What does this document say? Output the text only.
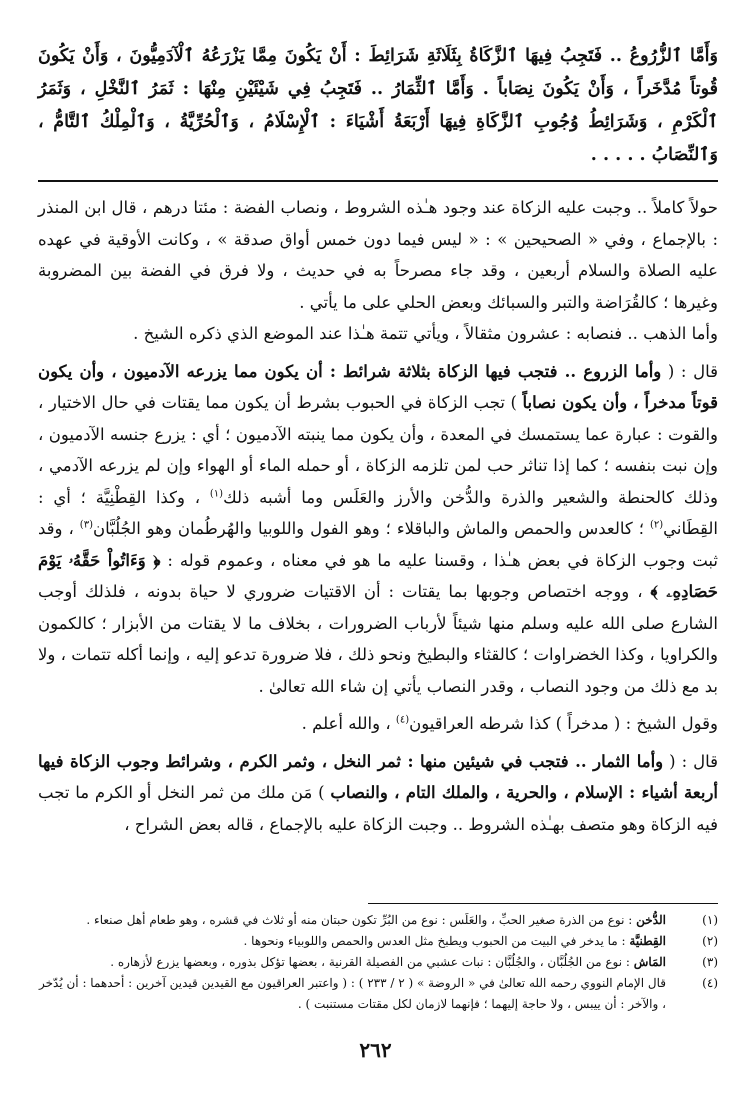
وَأَمَّا ٱلزُّرُوعُ .. فَتَجِبُ فِيهَا ٱلزَّكَاةُ بِثَلَاثَةِ شَرَائِطَ : أَنْ يَكُونَ مِمَّا يَزْرَعُهُ ٱلْآدَمِيُّونَ ، وَأَنْ يَكُونَ قُوتاً مُدَّخَراً ، وَأَنْ يَكُونَ نِصَاباً . وَأَمَّا ٱلثِّمَارُ .. فَتَجِبُ فِي شَيْئَيْنِ مِنْهَا : ثَمَرُ ٱلنَّخْلِ ، وَثَمَرُ ٱلْكَرْمِ ، وَشَرَائِطُ وُجُوبِ ٱلزَّكَاةِ فِيهَا أَرْبَعَةُ أَشْيَاءَ : ٱلْإِسْلَامُ ، وَٱلْحُرِّيَّةُ ، وَٱلْمِلْكُ ٱلتَّامُّ ، وَٱلنِّصَابُ . . . . .

حولاً كاملاً .. وجبت عليه الزكاة عند وجود هـٰذه الشروط ، ونصاب الفضة : مئتا درهم ، قال ابن المنذر : بالإجماع ، وفي « الصحيحين » : « ليس فيما دون خمس أواق صدقة » ، وكانت الأوقية في عهده عليه الصلاة والسلام أربعين ، وقد جاء مصرحاً به في حديث ، ولا فرق في الفضة بين المضروبة وغيرها ؛ كالقُرَاضة والتبر والسبائك وبعض الحلي على ما يأتي .

وأما الذهب .. فنصابه : عشرون مثقالاً ، ويأتي تتمة هـٰذا عند الموضع الذي ذكره الشيخ .

قال : ( وأما الزروع .. فتجب فيها الزكاة بثلاثة شرائط : أن يكون مما يزرعه الآدميون ، وأن يكون قوتاً مدخراً ، وأن يكون نصاباً ) تجب الزكاة في الحبوب بشرط أن يكون مما يقتات في حال الاختيار ، والقوت : عبارة عما يستمسك في المعدة ، وأن يكون مما ينبته الآدميون ؛ أي : يزرع جنسه الآدميون ، وإن نبت بنفسه ؛ كما إذا تناثر حب لمن تلزمه الزكاة ، أو حمله الماء أو الهواء وإن لم يزرعه الآدمي ، وذلك كالحنطة والشعير والذرة والدُّخن والأرز والعَلَس وما أشبه ذلك$^{(١)}$ ، وكذا القِطْنِيَّة ؛ أي : القِطَاني$^{(٢)}$ ؛ كالعدس والحمص والماش والباقلاء ؛ وهو الفول واللوبيا والهُرطُمان وهو الجُلُبَّان$^{(٣)}$ ، وقد ثبت وجوب الزكاة في بعض هـٰذا ، وقسنا عليه ما هو في معناه ، وعموم قوله : ﴿ وَءَاتُواْ حَقَّهُۥ يَوْمَ حَصَادِهِۦ ﴾ ، ووجه اختصاص وجوبها بما يقتات : أن الاقتيات ضروري لا حياة بدونه ، فلذلك أوجب الشارع صلى الله عليه وسلم منها شيئاً لأرباب الضرورات ، بخلاف ما لا يقتات من الأبزار ؛ كالكمون والكراويا ، وكذا الخضراوات ؛ كالقثاء والبطيخ ونحو ذلك ، فلا ضرورة تدعو إليه ، وإنما أكله تتمات ، ولا بد مع ذلك من وجود النصاب ، وقدر النصاب يأتي إن شاء الله تعالىٰ .

وقول الشيخ : ( مدخراً ) كذا شرطه العراقيون$^{(٤)}$ ، والله أعلم .

قال : ( وأما الثمار .. فتجب في شيئين منها : ثمر النخل ، وثمر الكرم ، وشرائط وجوب الزكاة فيها أربعة أشياء : الإسلام ، والحرية ، والملك التام ، والنصاب ) مَن ملك من ثمر النخل أو الكرم ما تجب فيه الزكاة وهو متصف بهـٰذه الشروط .. وجبت الزكاة عليه بالإجماع ، قاله بعض الشراح ،

(١)
الدُّخن : نوع من الذرة صغير الحبِّ ، والعَلَس : نوع من البُرِّ تكون حبتان منه أو ثلاث في قشره ، وهو طعام أهل صنعاء .
(٢)
القِطنيَّة : ما يدخر في البيت من الحبوب ويطبخ مثل العدس والحمص واللوبياء ونحوها .
(٣)
المَاش : نوع من الجُلُبَّان ، والجُلُبَّان : نبات عشبي من الفصيلة القرنية ، بعضها تؤكل بذوره ، وبعضها يزرع لأزهاره .
(٤)
قال الإمام النووي رحمه الله تعالىٰ في « الروضة » ( ٢ / ٢٣٣ ) : ( واعتبر العراقيون مع القيدين قيدين آخرين : أحدهما : أن يُدّخر ، والآخر : أن ييبس ، ولا حاجة إليهما ؛ فإنهما لازمان لكل مقتات مستنبت ) .
٢٦٢
